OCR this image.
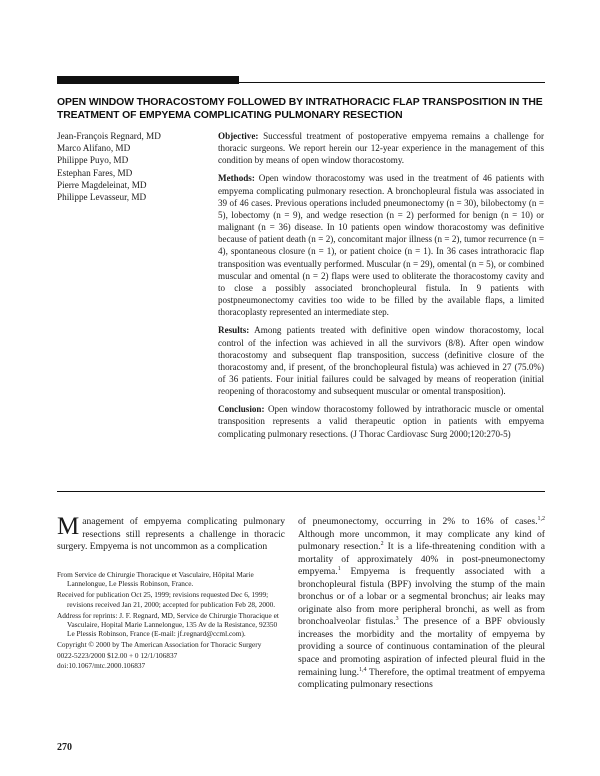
OPEN WINDOW THORACOSTOMY FOLLOWED BY INTRATHORACIC FLAP TRANSPOSITION IN THE TREATMENT OF EMPYEMA COMPLICATING PULMONARY RESECTION
Jean-François Regnard, MD
Marco Alifano, MD
Philippe Puyo, MD
Estephan Fares, MD
Pierre Magdeleinat, MD
Philippe Levasseur, MD

Objective: Successful treatment of postoperative empyema remains a challenge for thoracic surgeons. We report herein our 12-year experience in the management of this condition by means of open window thoracostomy.

Methods: Open window thoracostomy was used in the treatment of 46 patients with empyema complicating pulmonary resection. A bronchopleural fistula was associated in 39 of 46 cases. Previous operations included pneumonectomy (n = 30), bilobectomy (n = 5), lobectomy (n = 9), and wedge resection (n = 2) performed for benign (n = 10) or malignant (n = 36) disease. In 10 patients open window thoracostomy was definitive because of patient death (n = 2), concomitant major illness (n = 2), tumor recurrence (n = 4), spontaneous closure (n = 1), or patient choice (n = 1). In 36 cases intrathoracic flap transposition was eventually performed. Muscular (n = 29), omental (n = 5), or combined muscular and omental (n = 2) flaps were used to obliterate the thoracostomy cavity and to close a possibly associated bronchopleural fistula. In 9 patients with postpneumonectomy cavities too wide to be filled by the available flaps, a limited thoracoplasty represented an intermediate step.

Results: Among patients treated with definitive open window thoracostomy, local control of the infection was achieved in all the survivors (8/8). After open window thoracostomy and subsequent flap transposition, success (definitive closure of the thoracostomy and, if present, of the bronchopleural fistula) was achieved in 27 (75.0%) of 36 patients. Four initial failures could be salvaged by means of reoperation (initial reopening of thoracostomy and subsequent muscular or omental transposition).

Conclusion: Open window thoracostomy followed by intrathoracic muscle or omental transposition represents a valid therapeutic option in patients with empyema complicating pulmonary resections. (J Thorac Cardiovasc Surg 2000;120:270-5)

Management of empyema complicating pulmonary resections still represents a challenge in thoracic surgery. Empyema is not uncommon as a complication

From Service de Chirurgie Thoracique et Vasculaire, Hôpital Marie Lannelongue, Le Plessis Robinson, France.
Received for publication Oct 25, 1999; revisions requested Dec 6, 1999; revisions received Jan 21, 2000; accepted for publication Feb 28, 2000.
Address for reprints: J. F. Regnard, MD, Service de Chirurgie Thoracique et Vasculaire, Hopital Marie Lannelongue, 135 Av de la Resistance, 92350 Le Plessis Robinson, France (E-mail: jf.regnard@ccml.com).
Copyright © 2000 by The American Association for Thoracic Surgery
0022-5223/2000 $12.00 + 0 12/1/106837
doi:10.1067/mtc.2000.106837

of pneumonectomy, occurring in 2% to 16% of cases.$^{1,2}$ Although more uncommon, it may complicate any kind of pulmonary resection.$^2$ It is a life-threatening condition with a mortality of approximately 40% in post-pneumonectomy empyema.$^1$ Empyema is frequently associated with a bronchopleural fistula (BPF) involving the stump of the main bronchus or of a lobar or a segmental bronchus; air leaks may originate also from more peripheral bronchi, as well as from bronchoalveolar fistulas.$^3$ The presence of a BPF obviously increases the morbidity and the mortality of empyema by providing a source of continuous contamination of the pleural space and promoting aspiration of infected pleural fluid in the remaining lung.$^{1,4}$ Therefore, the optimal treatment of empyema complicating pulmonary resections

270
